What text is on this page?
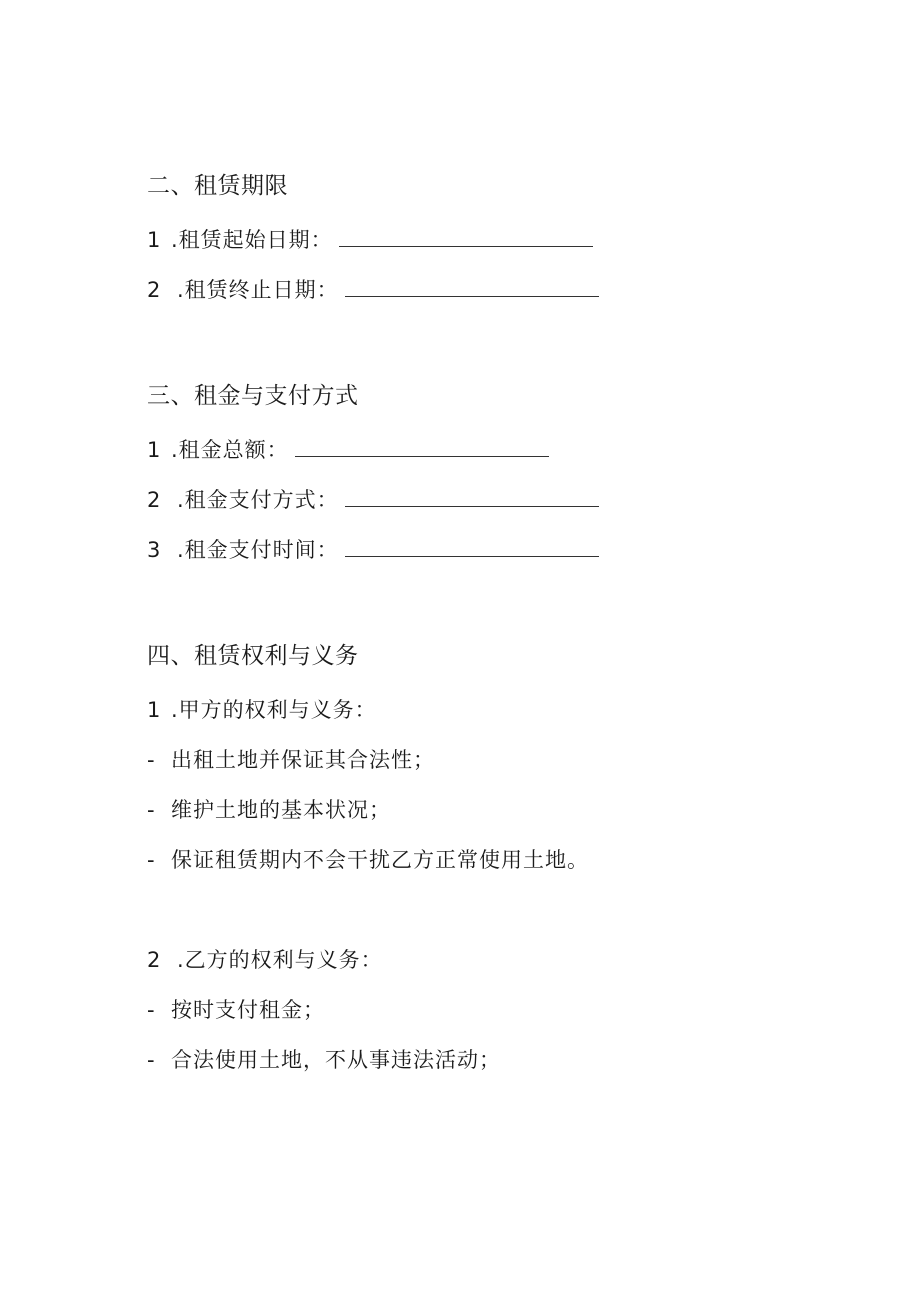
二、租赁期限
1 .租赁起始日期：
2 .租赁终止日期：
三、租金与支付方式
1 .租金总额：
2 .租金支付方式：
3 .租金支付时间：
四、租赁权利与义务
1 .甲方的权利与义务：
- 出租土地并保证其合法性；
- 维护土地的基本状况；
- 保证租赁期内不会干扰乙方正常使用土地。
2 .乙方的权利与义务：
- 按时支付租金；
- 合法使用土地，不从事违法活动；
